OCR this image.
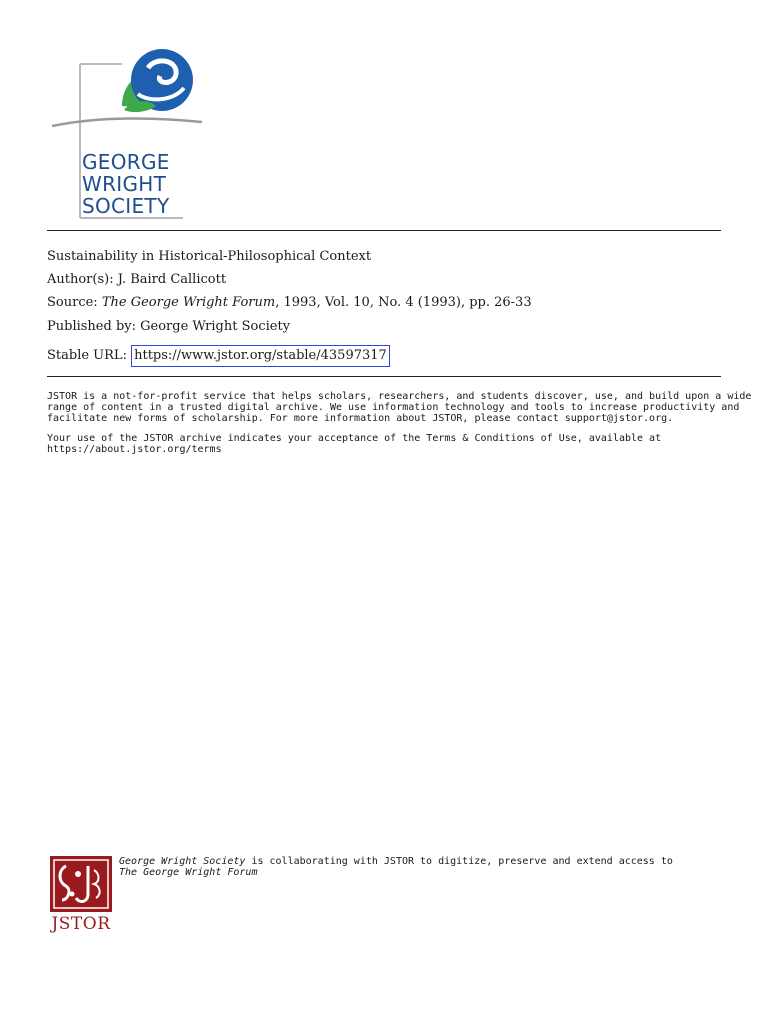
GEORGE
WRIGHT
SOCIETY
Sustainability in Historical-Philosophical Context
Author(s): J. Baird Callicott
Source: The George Wright Forum, 1993, Vol. 10, No. 4 (1993), pp. 26-33
Published by: George Wright Society
Stable URL: https://www.jstor.org/stable/43597317
JSTOR is a not-for-profit service that helps scholars, researchers, and students discover, use, and build upon a wide
range of content in a trusted digital archive. We use information technology and tools to increase productivity and
facilitate new forms of scholarship. For more information about JSTOR, please contact support@jstor.org.
Your use of the JSTOR archive indicates your acceptance of the Terms & Conditions of Use, available at
https://about.jstor.org/terms
JSTOR
George Wright Society is collaborating with JSTOR to digitize, preserve and extend access to
The George Wright Forum
